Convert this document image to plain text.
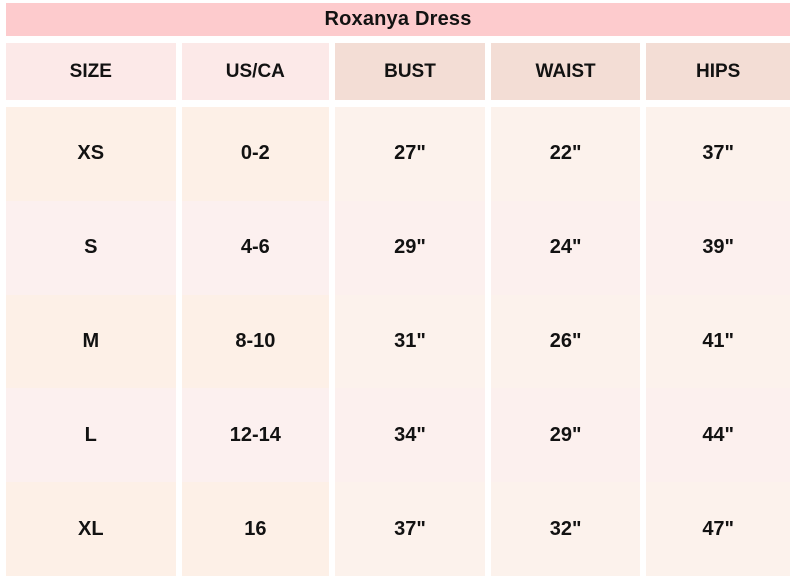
Roxanya Dress
SIZE	US/CA	BUST	WAIST	HIPS
XS	0-2	27"	22"	37"
S	4-6	29"	24"	39"
M	8-10	31"	26"	41"
L	12-14	34"	29"	44"
XL	16	37"	32"	47"
